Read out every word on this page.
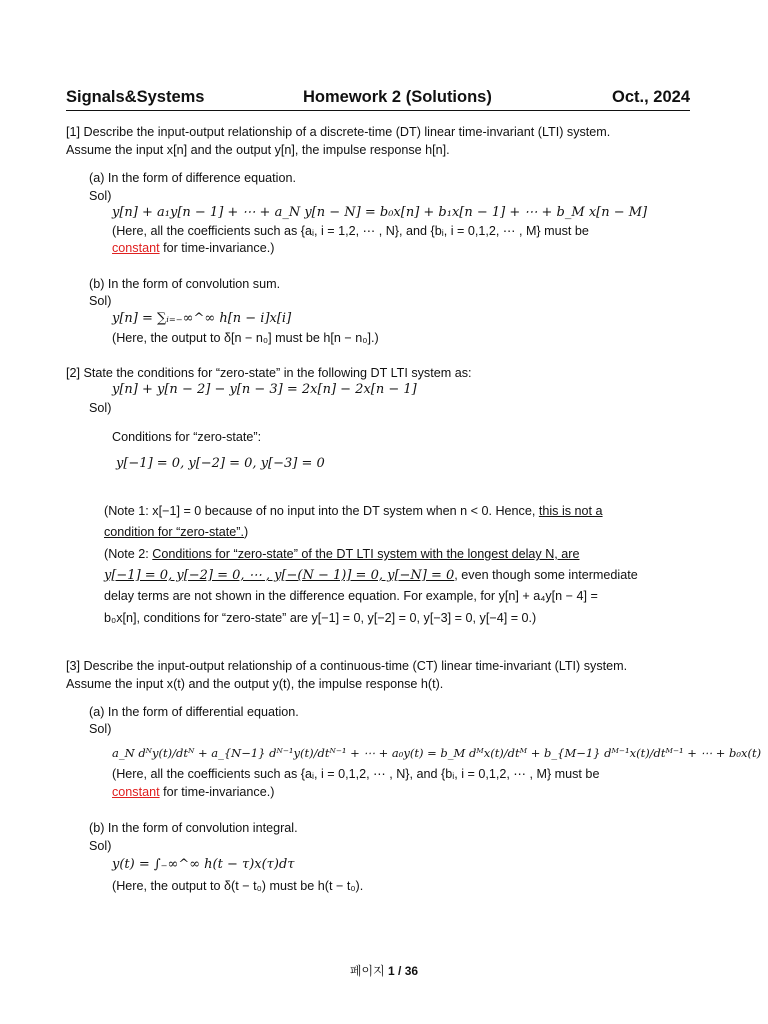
Signals&Systems	Homework 2 (Solutions)	Oct., 2024
[1] Describe the input-output relationship of a discrete-time (DT) linear time-invariant (LTI) system.
Assume the input x[n] and the output y[n], the impulse response h[n].
(a) In the form of difference equation.
Sol)
y[n] + a₁y[n − 1] + ⋯ + a_N y[n − N] = b₀x[n] + b₁x[n − 1] + ⋯ + b_M x[n − M]
(Here, all the coefficients such as {aᵢ, i = 1,2, ⋯ , N}, and {bᵢ, i = 0,1,2, ⋯ , M} must be
constant for time-invariance.)
(b) In the form of convolution sum.
Sol)
y[n] = ∑ᵢ₌₋∞^∞ h[n − i]x[i]
(Here, the output to δ[n − n₀] must be h[n − n₀].)
[2] State the conditions for “zero-state” in the following DT LTI system as:
y[n] + y[n − 2] − y[n − 3] = 2x[n] − 2x[n − 1]
Sol)
Conditions for “zero-state”:
y[−1] = 0, y[−2] = 0, y[−3] = 0
(Note 1: x[−1] = 0 because of no input into the DT system when n < 0. Hence, this is not a
condition for “zero-state”.)
(Note 2: Conditions for “zero-state” of the DT LTI system with the longest delay N, are
y[−1] = 0, y[−2] = 0, ⋯ , y[−(N − 1)] = 0, y[−N] = 0, even though some intermediate
delay terms are not shown in the difference equation. For example, for y[n] + a₄y[n − 4] =
b₀x[n], conditions for “zero-state” are y[−1] = 0, y[−2] = 0, y[−3] = 0, y[−4] = 0.)
[3] Describe the input-output relationship of a continuous-time (CT) linear time-invariant (LTI) system.
Assume the input x(t) and the output y(t), the impulse response h(t).
(a) In the form of differential equation.
Sol)
a_N dᴺy(t)/dtᴺ + a_{N−1} dᴺ⁻¹y(t)/dtᴺ⁻¹ + ⋯ + a₀y(t) = b_M dᴹx(t)/dtᴹ + b_{M−1} dᴹ⁻¹x(t)/dtᴹ⁻¹ + ⋯ + b₀x(t)
(Here, all the coefficients such as {aᵢ, i = 0,1,2, ⋯ , N}, and {bᵢ, i = 0,1,2, ⋯ , M} must be
constant for time-invariance.)
(b) In the form of convolution integral.
Sol)
y(t) = ∫₋∞^∞ h(t − τ)x(τ)dτ
(Here, the output to δ(t − t₀) must be h(t − t₀).
페이지 1 / 36
